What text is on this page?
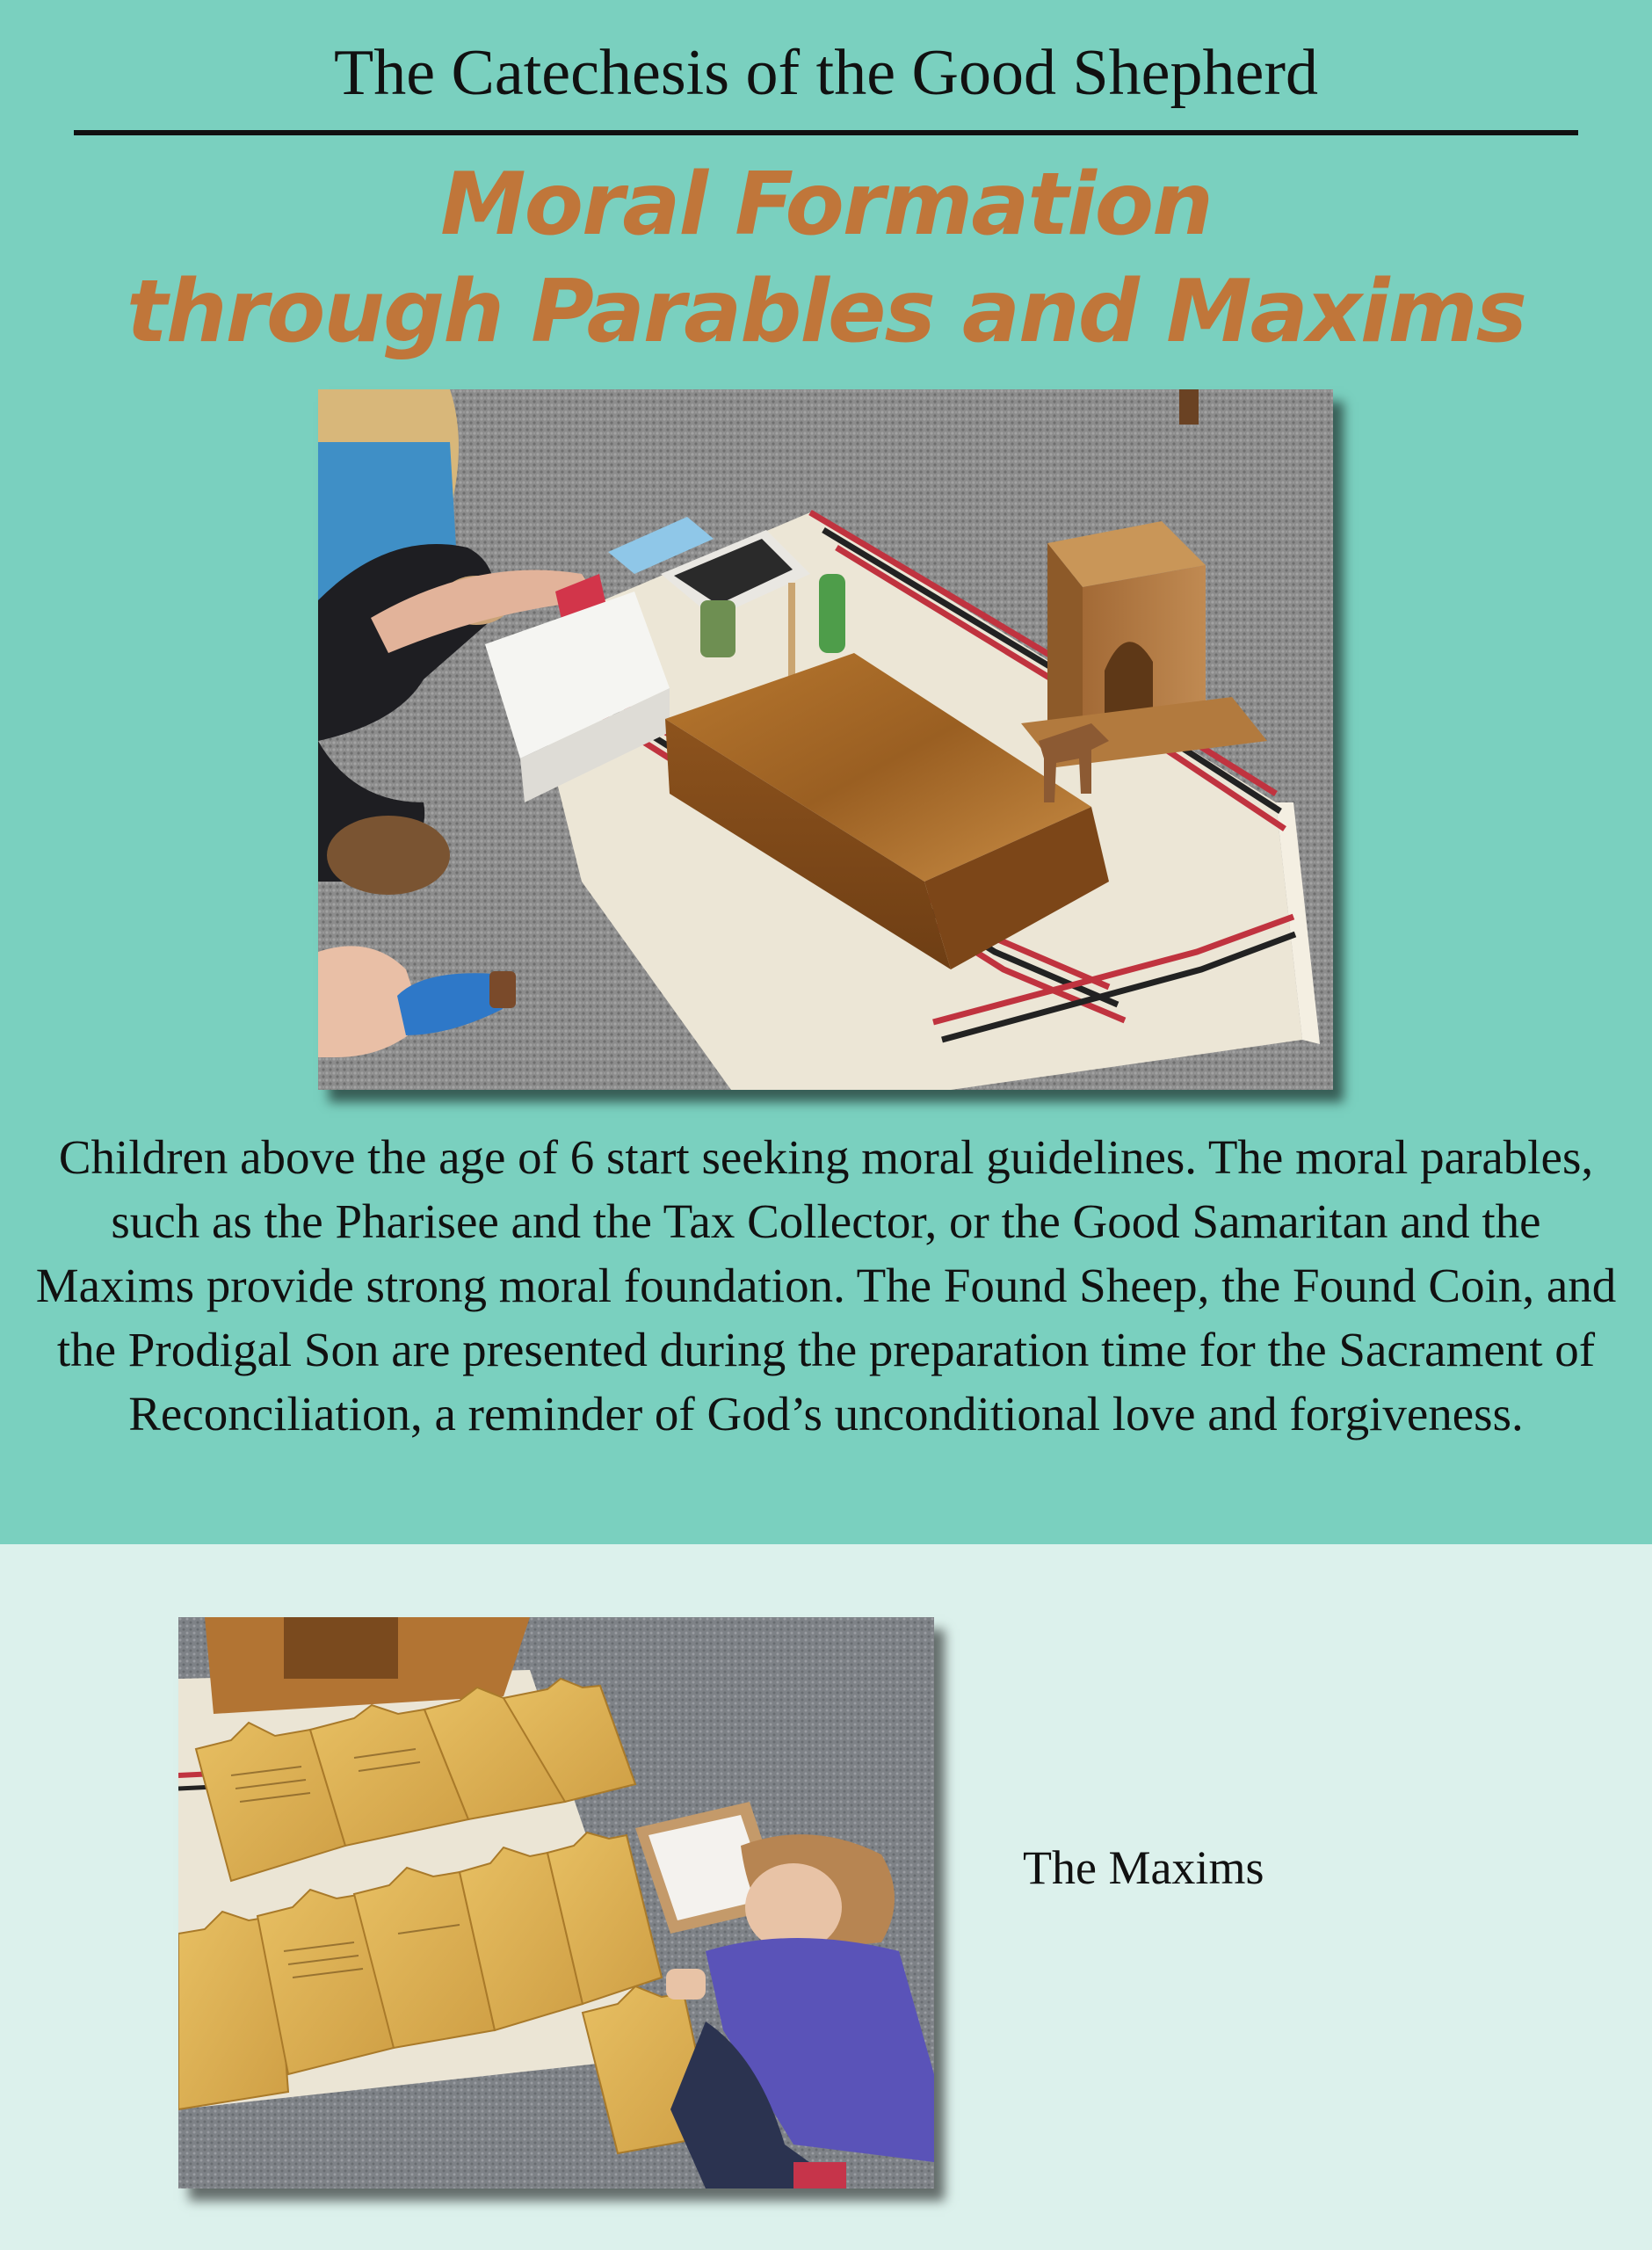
The Catechesis of the Good Shepherd
Moral Formation
through Parables and Maxims
Children above the age of 6 start seeking moral guidelines. The moral parables, such as the Pharisee and the Tax Collector, or the Good Samaritan and the Maxims provide strong moral foundation. The Found Sheep, the Found Coin, and the Prodigal Son are presented during the preparation time for the Sacrament of Reconciliation, a reminder of God’s unconditional love and forgiveness.
The Maxims
